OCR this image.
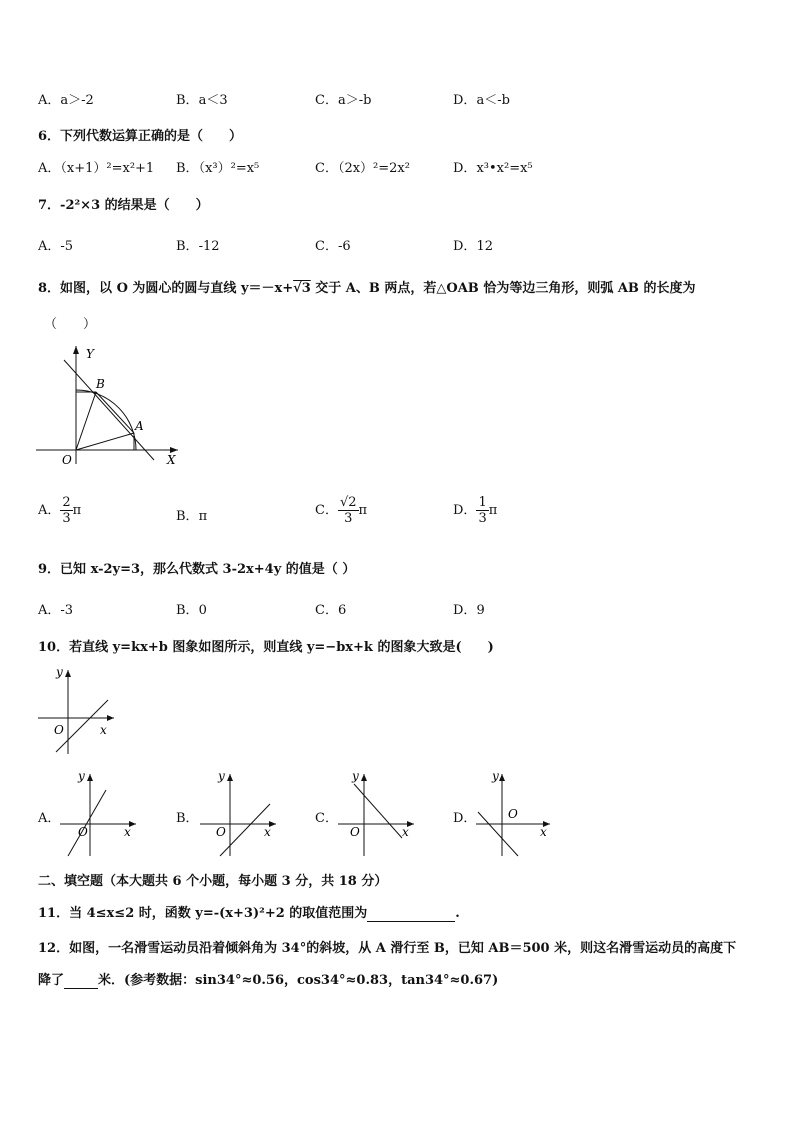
A．a＞-2	B．a＜3	C．a＞-b	D．a＜-b
6．下列代数运算正确的是（　　）
A．（x+1）²=x²+1 B．（x³）²=x⁵	C．（2x）²=2x²	D．x³•x²=x⁵
7．-2²×3 的结果是（　　）
A．-5	B．-12	C．-6	D．12
8．如图，以 O 为圆心的圆与直线 y＝－x+√3 交于 A、B 两点，若△OAB 恰为等边三角形，则弧 AB 的长度为
（　　）
Y
X
O
A
B
A． $\frac{2}{3}$ π	B．π	C． $\frac{√2}{3}$ π	D． $\frac{1}{3}$ π
9．已知 x-2y=3，那么代数式 3-2x+4y 的值是（ ）
A．-3	B．0	C．6	D．9
10．若直线 y=kx+b 图象如图所示，则直线 y=−bx+k 的图象大致是(　　)
y
x
O
A．
y
x
O
B．
y
x
O
C．
y
x
O
D．
y
x
O
二、填空题（本大题共 6 个小题，每小题 3 分，共 18 分）
11．当 4≤x≤2 时，函数 y=-(x+3)²+2 的取值范围为	.
12．如图，一名滑雪运动员沿着倾斜角为 34°的斜坡，从 A 滑行至 B，已知 AB＝500 米，则这名滑雪运动员的高度下
降了	米．(参考数据：sin34°≈0.56，cos34°≈0.83，tan34°≈0.67)
